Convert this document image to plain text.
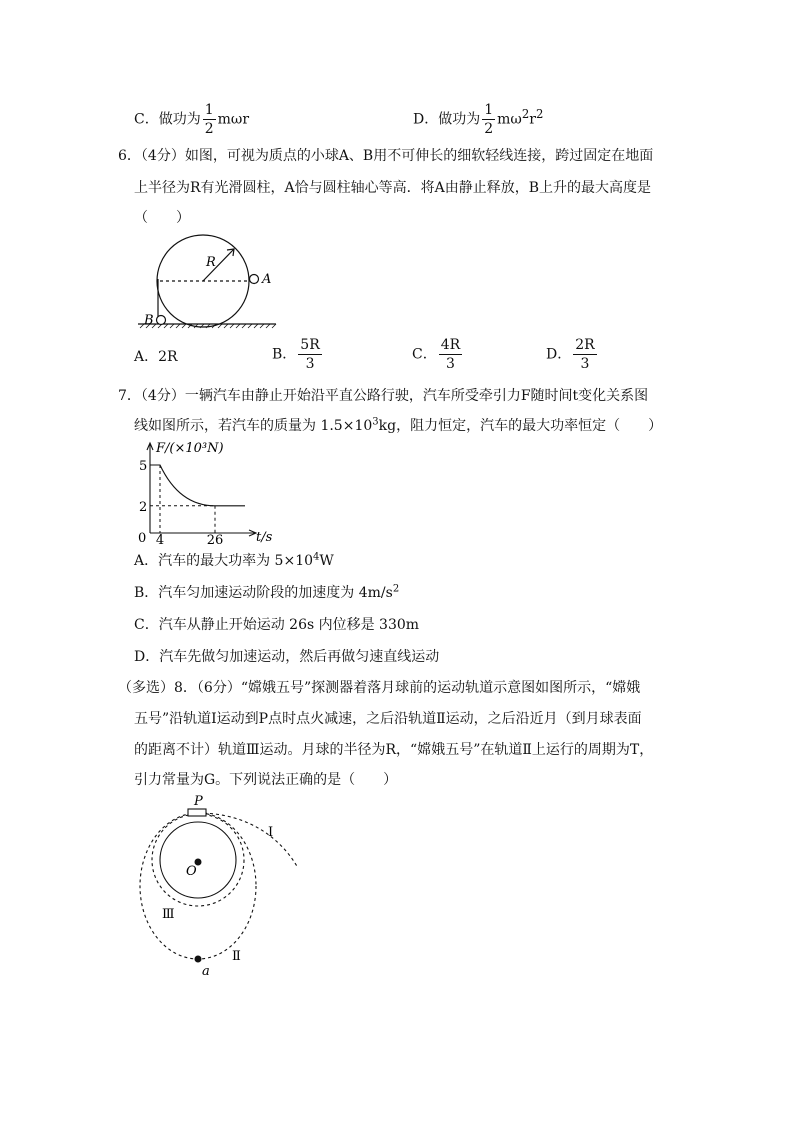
C．做功为 $\frac{1}{2}$ mωr	D．做功为 $\frac{1}{2} m\omega^2r^2$
6．（4分）如图，可视为质点的小球A、B用不可伸长的细软轻线连接，跨过固定在地面
上半径为R有光滑圆柱，A恰与圆柱轴心等高．将A由静止释放，B上升的最大高度是
（　　）
R
A
B
A．2R	B． $\frac{5R}{3}$	C． $\frac{4R}{3}$	D． $\frac{2R}{3}$
7．（4分）一辆汽车由静止开始沿平直公路行驶，汽车所受牵引力F随时间t变化关系图
线如图所示，若汽车的质量为 $1.5\times 10^3kg$，阻力恒定，汽车的最大功率恒定（　　）
F/(×10³N)
t/s
5
2
0 4	26
A．汽车的最大功率为 $5\times 10^4W$
B．汽车匀加速运动阶段的加速度为 $4m/s^2$
C．汽车从静止开始运动 26s 内位移是 330m
D．汽车先做匀加速运动，然后再做匀速直线运动
（多选）8．（6分）“嫦娥五号”探测器着落月球前的运动轨道示意图如图所示，“嫦娥
五号”沿轨道Ⅰ运动到P点时点火减速，之后沿轨道Ⅱ运动，之后沿近月（到月球表面
的距离不计）轨道Ⅲ运动。月球的半径为R，“嫦娥五号”在轨道Ⅱ上运行的周期为T，
引力常量为G。下列说法正确的是（　　）
P
O
Ⅰ
Ⅲ
Ⅱ
a
